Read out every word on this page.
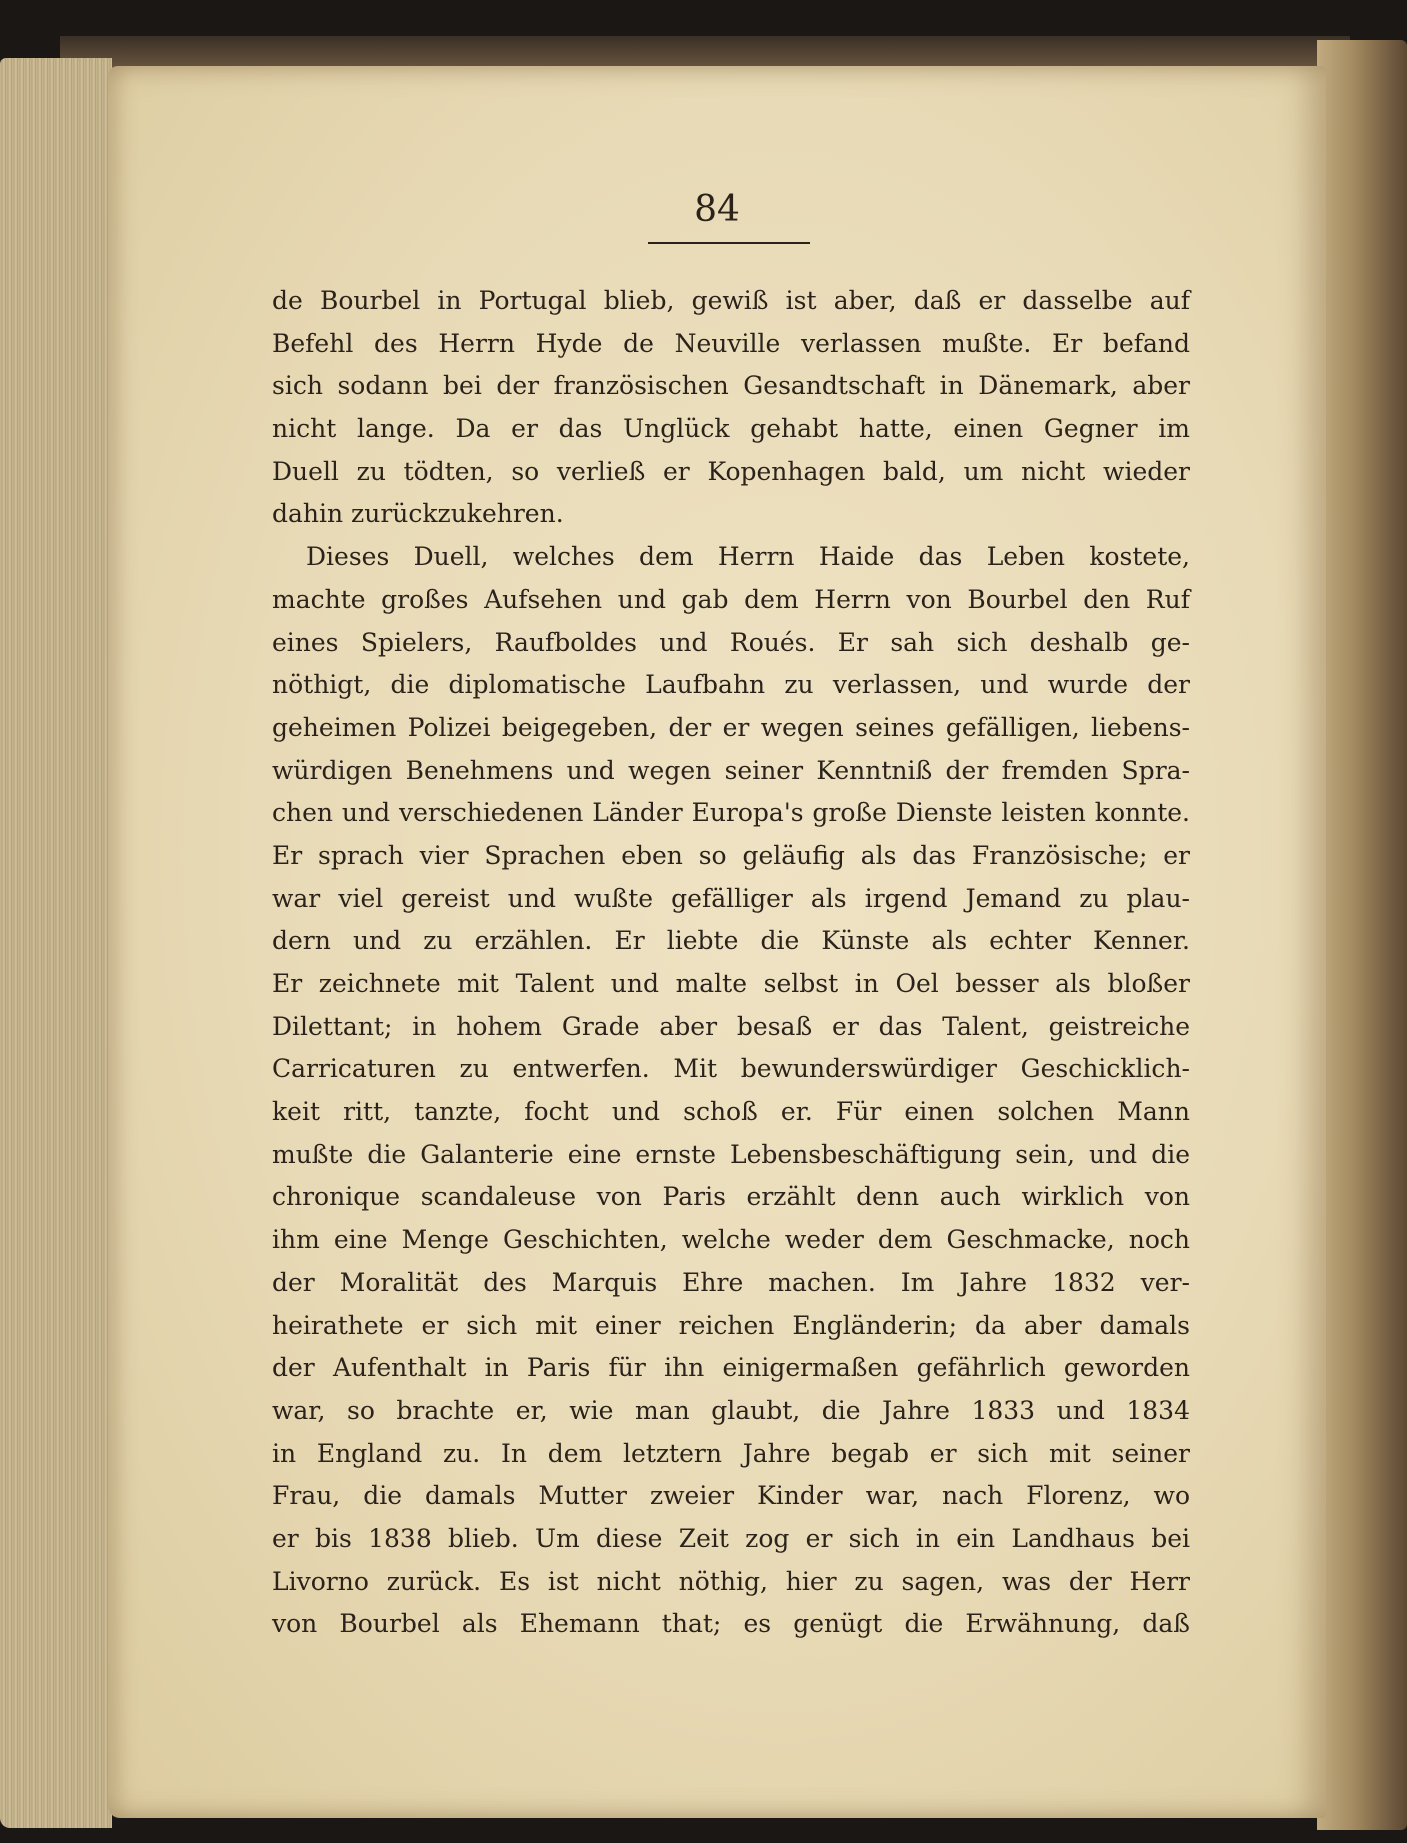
84

de Bourbel in Portugal blieb, gewiß ist aber, daß er dasselbe auf
Befehl des Herrn Hyde de Neuville verlassen mußte. Er befand
sich sodann bei der französischen Gesandtschaft in Dänemark, aber
nicht lange. Da er das Unglück gehabt hatte, einen Gegner im
Duell zu tödten, so verließ er Kopenhagen bald, um nicht wieder
dahin zurückzukehren.
Dieses Duell, welches dem Herrn Haide das Leben kostete,
machte großes Aufsehen und gab dem Herrn von Bourbel den Ruf
eines Spielers, Raufboldes und Roués. Er sah sich deshalb ge-
nöthigt, die diplomatische Laufbahn zu verlassen, und wurde der
geheimen Polizei beigegeben, der er wegen seines gefälligen, liebens-
würdigen Benehmens und wegen seiner Kenntniß der fremden Spra-
chen und verschiedenen Länder Europa's große Dienste leisten konnte.
Er sprach vier Sprachen eben so geläufig als das Französische; er
war viel gereist und wußte gefälliger als irgend Jemand zu plau-
dern und zu erzählen. Er liebte die Künste als echter Kenner.
Er zeichnete mit Talent und malte selbst in Oel besser als bloßer
Dilettant; in hohem Grade aber besaß er das Talent, geistreiche
Carricaturen zu entwerfen. Mit bewunderswürdiger Geschicklich-
keit ritt, tanzte, focht und schoß er. Für einen solchen Mann
mußte die Galanterie eine ernste Lebensbeschäftigung sein, und die
chronique scandaleuse von Paris erzählt denn auch wirklich von
ihm eine Menge Geschichten, welche weder dem Geschmacke, noch
der Moralität des Marquis Ehre machen. Im Jahre 1832 ver-
heirathete er sich mit einer reichen Engländerin; da aber damals
der Aufenthalt in Paris für ihn einigermaßen gefährlich geworden
war, so brachte er, wie man glaubt, die Jahre 1833 und 1834
in England zu. In dem letztern Jahre begab er sich mit seiner
Frau, die damals Mutter zweier Kinder war, nach Florenz, wo
er bis 1838 blieb. Um diese Zeit zog er sich in ein Landhaus bei
Livorno zurück. Es ist nicht nöthig, hier zu sagen, was der Herr
von Bourbel als Ehemann that; es genügt die Erwähnung, daß
